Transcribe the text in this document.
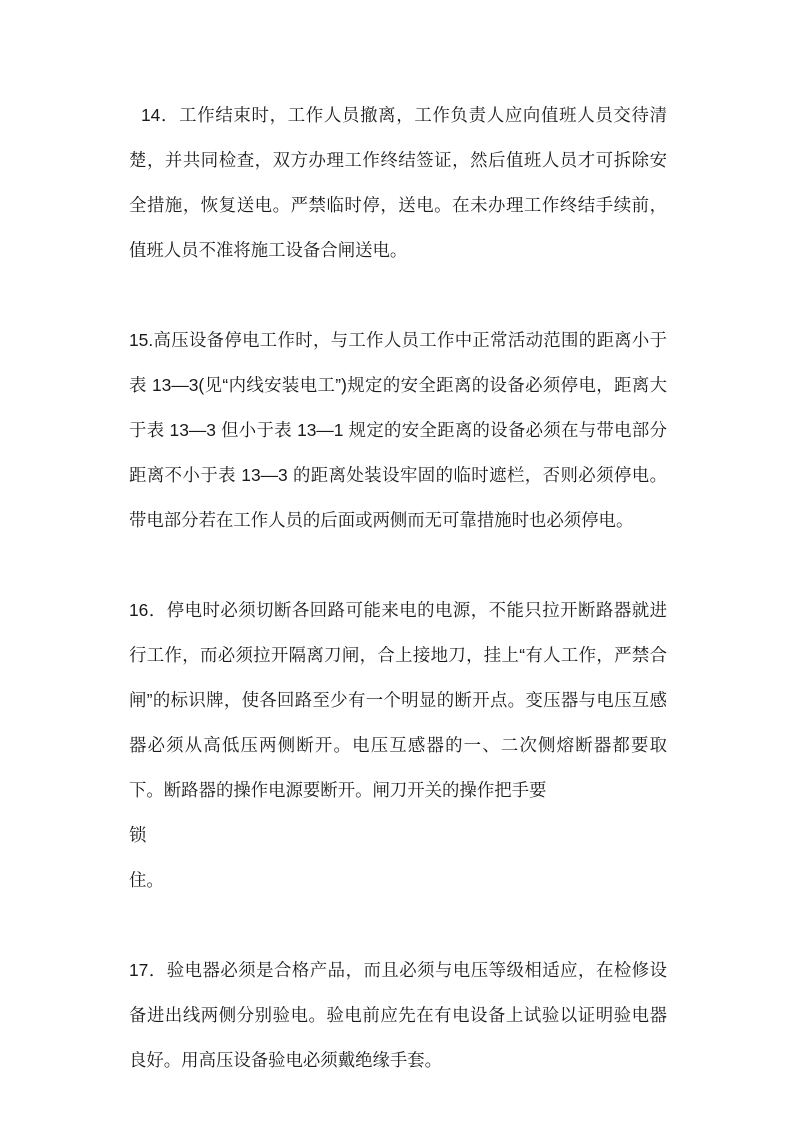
14．工作结束时，工作人员撤离，工作负责人应向值班人员交待清楚，并共同检查，双方办理工作终结签证，然后值班人员才可拆除安全措施，恢复送电。严禁临时停，送电。在未办理工作终结手续前，值班人员不准将施工设备合闸送电。

15.高压设备停电工作时，与工作人员工作中正常活动范围的距离小于表 13—3(见“内线安装电工”)规定的安全距离的设备必须停电，距离大于表 13—3 但小于表 13—1 规定的安全距离的设备必须在与带电部分距离不小于表 13—3 的距离处装设牢固的临时遮栏，否则必须停电。带电部分若在工作人员的后面或两侧而无可靠措施时也必须停电。

16．停电时必须切断各回路可能来电的电源，不能只拉开断路器就进行工作，而必须拉开隔离刀闸，合上接地刀，挂上“有人工作，严禁合闸”的标识牌，使各回路至少有一个明显的断开点。变压器与电压互感器必须从高低压两侧断开。电压互感器的一、二次侧熔断器都要取下。断路器的操作电源要断开。闸刀开关的操作把手要

锁

住。

17．验电器必须是合格产品，而且必须与电压等级相适应，在检修设备进出线两侧分别验电。验电前应先在有电设备上试验以证明验电器良好。用高压设备验电必须戴绝缘手套。
